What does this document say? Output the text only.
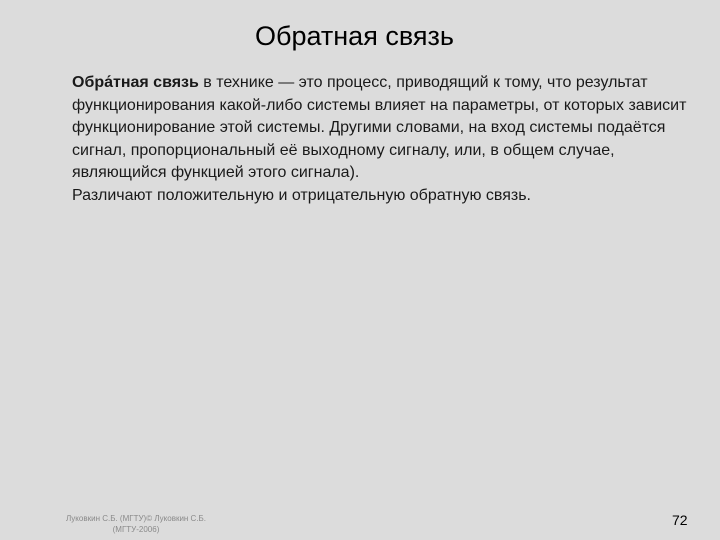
Обратная связь

Обра́тная связь в технике — это процесс, приводящий к тому, что результат функционирования какой-либо системы влияет на параметры, от которых зависит функционирование этой системы. Другими словами, на вход системы подаётся сигнал, пропорциональный её выходному сигналу, или, в общем случае, являющийся функцией этого сигнала).

Различают положительную и отрицательную обратную связь.

Луковкин С.Б. (МГТУ)© Луковкин С.Б.
(МГТУ-2006)
72
